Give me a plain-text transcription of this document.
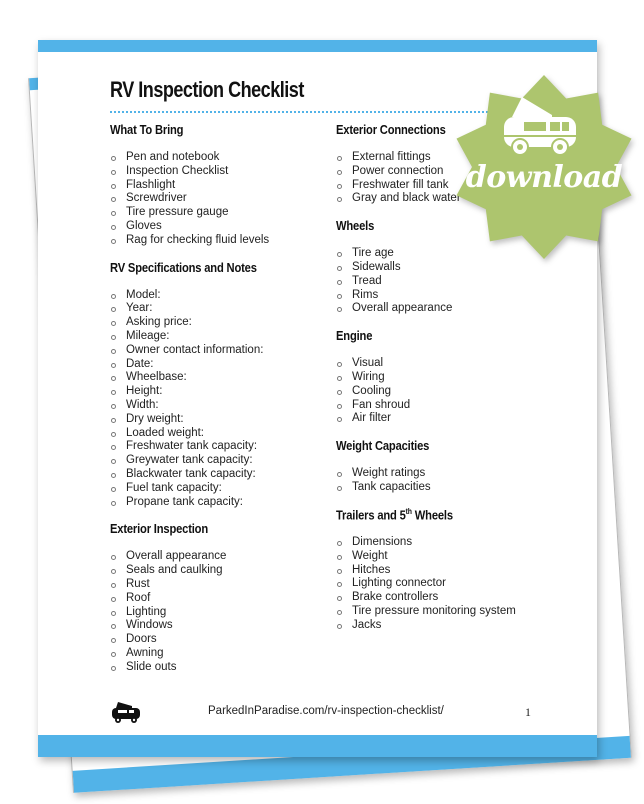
RV Inspection Checklist
What To Bring
Pen and notebook
Inspection Checklist
Flashlight
Screwdriver
Tire pressure gauge
Gloves
Rag for checking fluid levels
RV Specifications and Notes
Model:
Year:
Asking price:
Mileage:
Owner contact information:
Date:
Wheelbase:
Height:
Width:
Dry weight:
Loaded weight:
Freshwater tank capacity:
Greywater tank capacity:
Blackwater tank capacity:
Fuel tank capacity:
Propane tank capacity:
Exterior Inspection
Overall appearance
Seals and caulking
Rust
Roof
Lighting
Windows
Doors
Awning
Slide outs
Exterior Connections
External fittings
Power connection
Freshwater fill tank
Gray and black water
Wheels
Tire age
Sidewalls
Tread
Rims
Overall appearance
Engine
Visual
Wiring
Cooling
Fan shroud
Air filter
Weight Capacities
Weight ratings
Tank capacities
Trailers and 5th Wheels
Dimensions
Weight
Hitches
Lighting connector
Brake controllers
Tire pressure monitoring system
Jacks
ParkedInParadise.com/rv-inspection-checklist/	1
download
